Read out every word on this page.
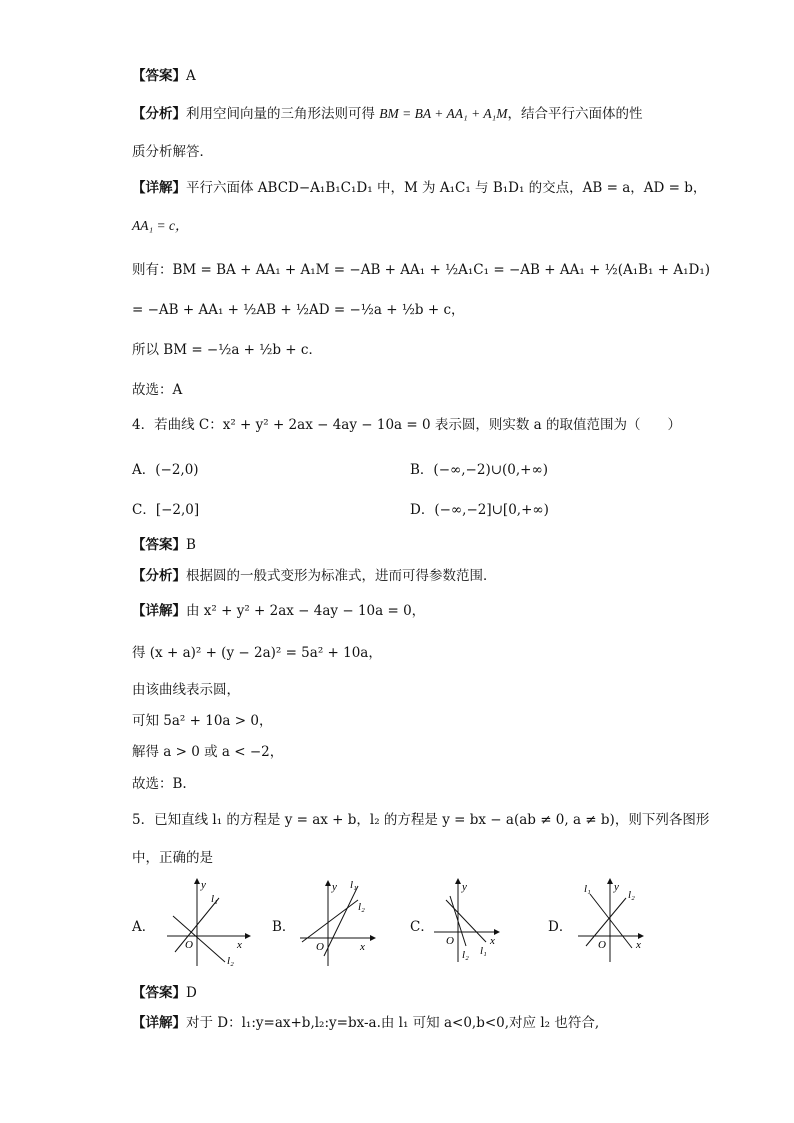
【答案】A
【分析】利用空间向量的三角形法则可得 BM = BA + AA₁ + A₁M，结合平行六面体的性
质分析解答．
【详解】平行六面体 ABCD−A₁B₁C₁D₁ 中，M 为 A₁C₁ 与 B₁D₁ 的交点，AB = a，AD = b，
AA₁ = c，
则有：BM = BA + AA₁ + A₁M = −AB + AA₁ + ½A₁C₁ = −AB + AA₁ + ½(A₁B₁ + A₁D₁)
= −AB + AA₁ + ½AB + ½AD = −½a + ½b + c，
所以 BM = −½a + ½b + c．
故选：A
4．若曲线 C：x² + y² + 2ax − 4ay − 10a = 0 表示圆，则实数 a 的取值范围为（　　）
A．(−2,0)	B．(−∞,−2)∪(0,+∞)
C．[−2,0]	D．(−∞,−2]∪[0,+∞)
【答案】B
【分析】根据圆的一般式变形为标准式，进而可得参数范围．
【详解】由 x² + y² + 2ax − 4ay − 10a = 0，
得 (x + a)² + (y − 2a)² = 5a² + 10a，
由该曲线表示圆，
可知 5a² + 10a > 0，
解得 a > 0 或 a < −2，
故选：B.
5．已知直线 l₁ 的方程是 y = ax + b，l₂ 的方程是 y = bx − a(ab ≠ 0, a ≠ b)，则下列各图形
中，正确的是
A．
y
x
O
l₁
l₂
B．
y
x
O
l₁
l₂
C．
y
x
O
l₁
l₂
D．
y
x
O
l₁	l₂
【答案】D
【详解】对于 D：l₁:y=ax+b,l₂:y=bx-a.由 l₁ 可知 a<0,b<0,对应 l₂ 也符合,
